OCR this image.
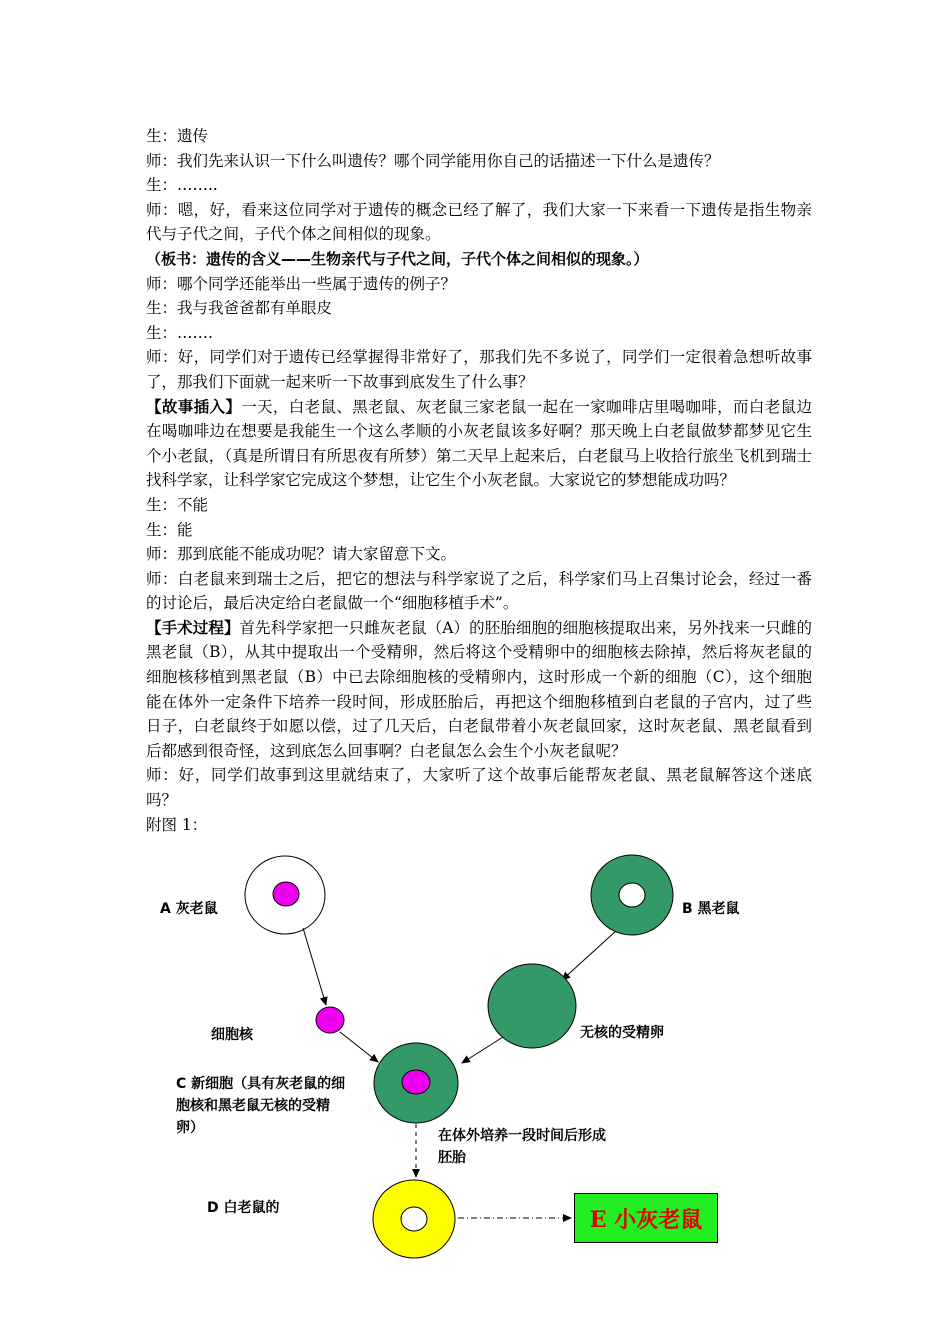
生：遗传

师：我们先来认识一下什么叫遗传？哪个同学能用你自己的话描述一下什么是遗传？

生：……..

师：嗯，好，看来这位同学对于遗传的概念已经了解了，我们大家一下来看一下遗传是指生物亲代与子代之间，子代个体之间相似的现象。

（板书：遗传的含义——生物亲代与子代之间，子代个体之间相似的现象。）

师：哪个同学还能举出一些属于遗传的例子？

生：我与我爸爸都有单眼皮

生：…….

师：好，同学们对于遗传已经掌握得非常好了，那我们先不多说了，同学们一定很着急想听故事了，那我们下面就一起来听一下故事到底发生了什么事？

【故事插入】一天，白老鼠、黑老鼠、灰老鼠三家老鼠一起在一家咖啡店里喝咖啡，而白老鼠边在喝咖啡边在想要是我能生一个这么孝顺的小灰老鼠该多好啊？那天晚上白老鼠做梦都梦见它生个小老鼠，（真是所谓日有所思夜有所梦）第二天早上起来后，白老鼠马上收拾行旅坐飞机到瑞士找科学家，让科学家它完成这个梦想，让它生个小灰老鼠。大家说它的梦想能成功吗？

生：不能

生：能

师：那到底能不能成功呢？请大家留意下文。

师：白老鼠来到瑞士之后，把它的想法与科学家说了之后，科学家们马上召集讨论会，经过一番的讨论后，最后决定给白老鼠做一个“细胞移植手术”。

【手术过程】首先科学家把一只雌灰老鼠（A）的胚胎细胞的细胞核提取出来，另外找来一只雌的黑老鼠（B），从其中提取出一个受精卵，然后将这个受精卵中的细胞核去除掉，然后将灰老鼠的细胞核移植到黑老鼠（B）中已去除细胞核的受精卵内，这时形成一个新的细胞（C），这个细胞能在体外一定条件下培养一段时间，形成胚胎后，再把这个细胞移植到白老鼠的子宫内，过了些日子，白老鼠终于如愿以偿，过了几天后，白老鼠带着小灰老鼠回家，这时灰老鼠、黑老鼠看到后都感到很奇怪，这到底怎么回事啊？白老鼠怎么会生个小灰老鼠呢？

师：好，同学们故事到这里就结束了，大家听了这个故事后能帮灰老鼠、黑老鼠解答这个迷底吗？

附图 1：

A 灰老鼠	B 黑老鼠
细胞核	无核的受精卵
C 新细胞（具有灰老鼠的细胞核和黑老鼠无核的受精卵）	在体外培养一段时间后形成胚胎
D 白老鼠的	E 小灰老鼠
